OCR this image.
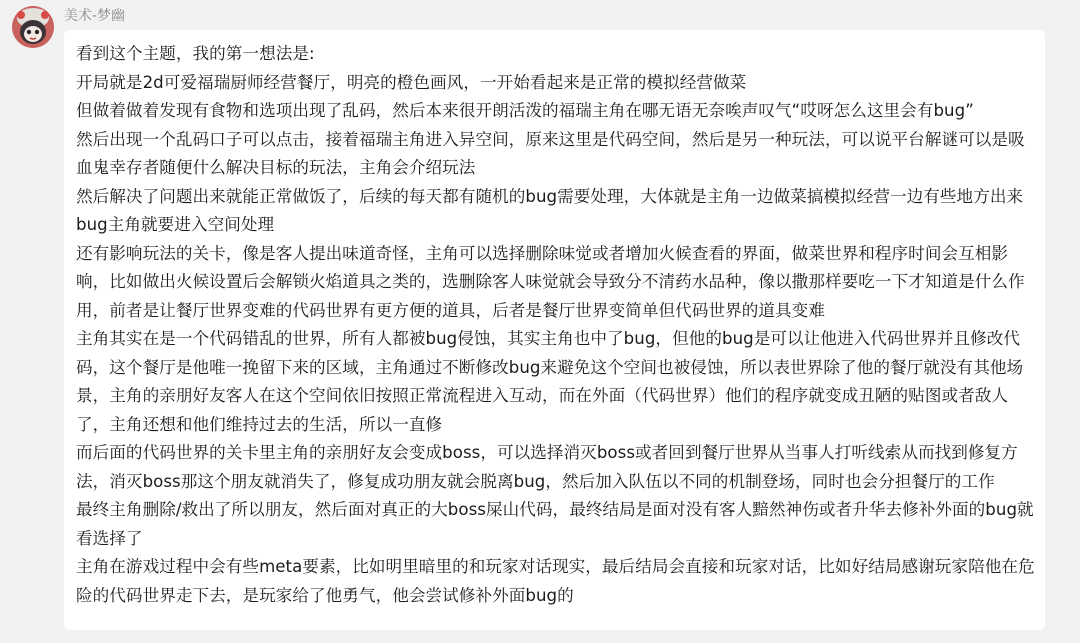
美术-梦幽

看到这个主题，我的第一想法是:

开局就是2d可爱福瑞厨师经营餐厅，明亮的橙色画风，一开始看起来是正常的模拟经营做菜

但做着做着发现有食物和选项出现了乱码，然后本来很开朗活泼的福瑞主角在哪无语无奈唉声叹气“哎呀怎么这里会有bug”

然后出现一个乱码口子可以点击，接着福瑞主角进入异空间，原来这里是代码空间，然后是另一种玩法，可以说平台解谜可以是吸血鬼幸存者随便什么解决目标的玩法，主角会介绍玩法

然后解决了问题出来就能正常做饭了，后续的每天都有随机的bug需要处理，大体就是主角一边做菜搞模拟经营一边有些地方出来bug主角就要进入空间处理

还有影响玩法的关卡，像是客人提出味道奇怪，主角可以选择删除味觉或者增加火候查看的界面，做菜世界和程序时间会互相影响，比如做出火候设置后会解锁火焰道具之类的，选删除客人味觉就会导致分不清药水品种，像以撒那样要吃一下才知道是什么作用，前者是让餐厅世界变难的代码世界有更方便的道具，后者是餐厅世界变简单但代码世界的道具变难

主角其实在是一个代码错乱的世界，所有人都被bug侵蚀，其实主角也中了bug，但他的bug是可以让他进入代码世界并且修改代码，这个餐厅是他唯一挽留下来的区域，主角通过不断修改bug来避免这个空间也被侵蚀，所以表世界除了他的餐厅就没有其他场景，主角的亲朋好友客人在这个空间依旧按照正常流程进入互动，而在外面（代码世界）他们的程序就变成丑陋的贴图或者敌人了，主角还想和他们维持过去的生活，所以一直修

而后面的代码世界的关卡里主角的亲朋好友会变成boss，可以选择消灭boss或者回到餐厅世界从当事人打听线索从而找到修复方法，消灭boss那这个朋友就消失了，修复成功朋友就会脱离bug，然后加入队伍以不同的机制登场，同时也会分担餐厅的工作

最终主角删除/救出了所以朋友，然后面对真正的大boss屎山代码，最终结局是面对没有客人黯然神伤或者升华去修补外面的bug就看选择了

主角在游戏过程中会有些meta要素，比如明里暗里的和玩家对话现实，最后结局会直接和玩家对话，比如好结局感谢玩家陪他在危险的代码世界走下去，是玩家给了他勇气，他会尝试修补外面bug的
